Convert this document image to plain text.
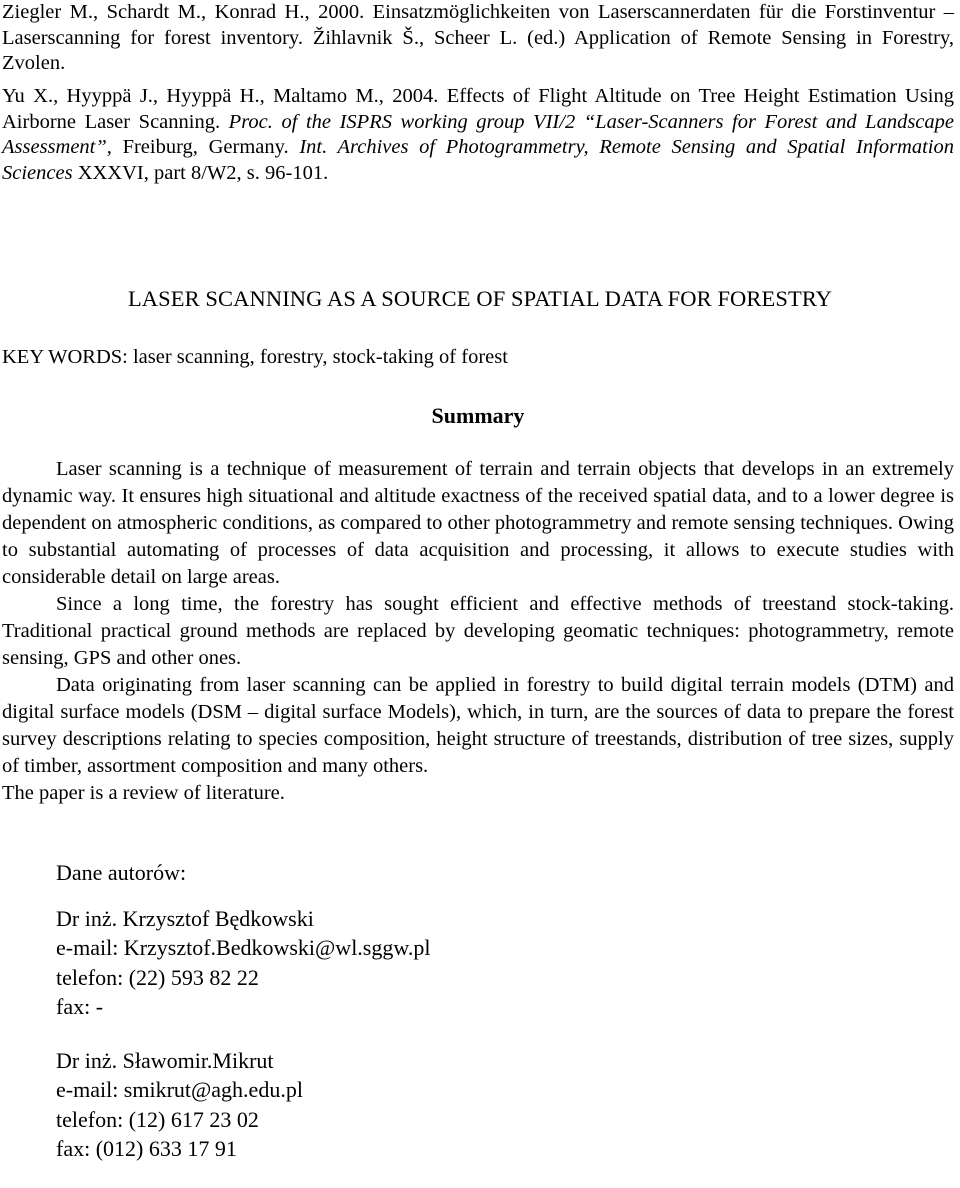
Ziegler M., Schardt M., Konrad H., 2000. Einsatzmöglichkeiten von Laserscannerdaten für die Forstinventur – Laserscanning for forest inventory. Žihlavnik Š., Scheer L. (ed.) Application of Remote Sensing in Forestry, Zvolen.
Yu X., Hyyppä J., Hyyppä H., Maltamo M., 2004. Effects of Flight Altitude on Tree Height Estimation Using Airborne Laser Scanning. Proc. of the ISPRS working group VII/2 “Laser-Scanners for Forest and Landscape Assessment”, Freiburg, Germany. Int. Archives of Photogrammetry, Remote Sensing and Spatial Information Sciences XXXVI, part 8/W2, s. 96-101.
LASER SCANNING AS A SOURCE OF SPATIAL DATA FOR FORESTRY
KEY WORDS: laser scanning, forestry, stock-taking of forest
Summary

Laser scanning is a technique of measurement of terrain and terrain objects that develops in an extremely dynamic way. It ensures high situational and altitude exactness of the received spatial data, and to a lower degree is dependent on atmospheric conditions, as compared to other photogrammetry and remote sensing techniques. Owing to substantial automating of processes of data acquisition and processing, it allows to execute studies with considerable detail on large areas.

Since a long time, the forestry has sought efficient and effective methods of treestand stock-taking. Traditional practical ground methods are replaced by developing geomatic techniques: photogrammetry, remote sensing, GPS and other ones.

Data originating from laser scanning can be applied in forestry to build digital terrain models (DTM) and digital surface models (DSM – digital surface Models), which, in turn, are the sources of data to prepare the forest survey descriptions relating to species composition, height structure of treestands, distribution of tree sizes, supply of timber, assortment composition and many others.

The paper is a review of literature.

Dane autorów:
Dr inż. Krzysztof Będkowski
e-mail: Krzysztof.Bedkowski@wl.sggw.pl
telefon: (22) 593 82 22
fax: -
Dr inż. Sławomir.Mikrut
e-mail: smikrut@agh.edu.pl
telefon: (12) 617 23 02
fax: (012) 633 17 91
